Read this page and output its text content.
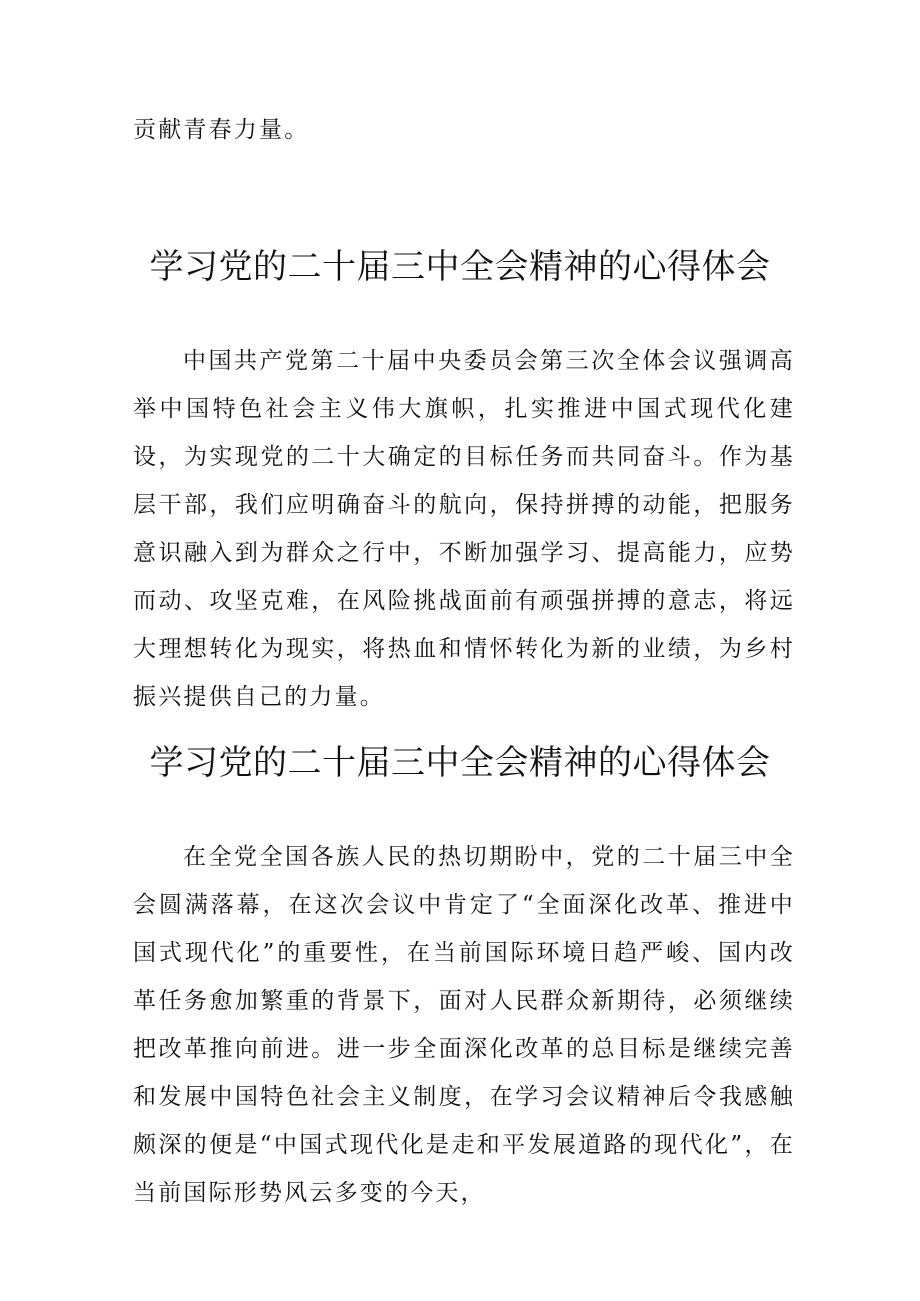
贡献青春力量。
学习党的二十届三中全会精神的心得体会

中国共产党第二十届中央委员会第三次全体会议强调高举中国特色社会主义伟大旗帜，扎实推进中国式现代化建设，为实现党的二十大确定的目标任务而共同奋斗。作为基层干部，我们应明确奋斗的航向，保持拼搏的动能，把服务意识融入到为群众之行中，不断加强学习、提高能力，应势而动、攻坚克难，在风险挑战面前有顽强拼搏的意志，将远大理想转化为现实，将热血和情怀转化为新的业绩，为乡村振兴提供自己的力量。

学习党的二十届三中全会精神的心得体会

在全党全国各族人民的热切期盼中，党的二十届三中全会圆满落幕，在这次会议中肯定了“全面深化改革、推进中国式现代化”的重要性，在当前国际环境日趋严峻、国内改革任务愈加繁重的背景下，面对人民群众新期待，必须继续把改革推向前进。进一步全面深化改革的总目标是继续完善和发展中国特色社会主义制度，在学习会议精神后令我感触颇深的便是“中国式现代化是走和平发展道路的现代化”，在当前国际形势风云多变的今天，
